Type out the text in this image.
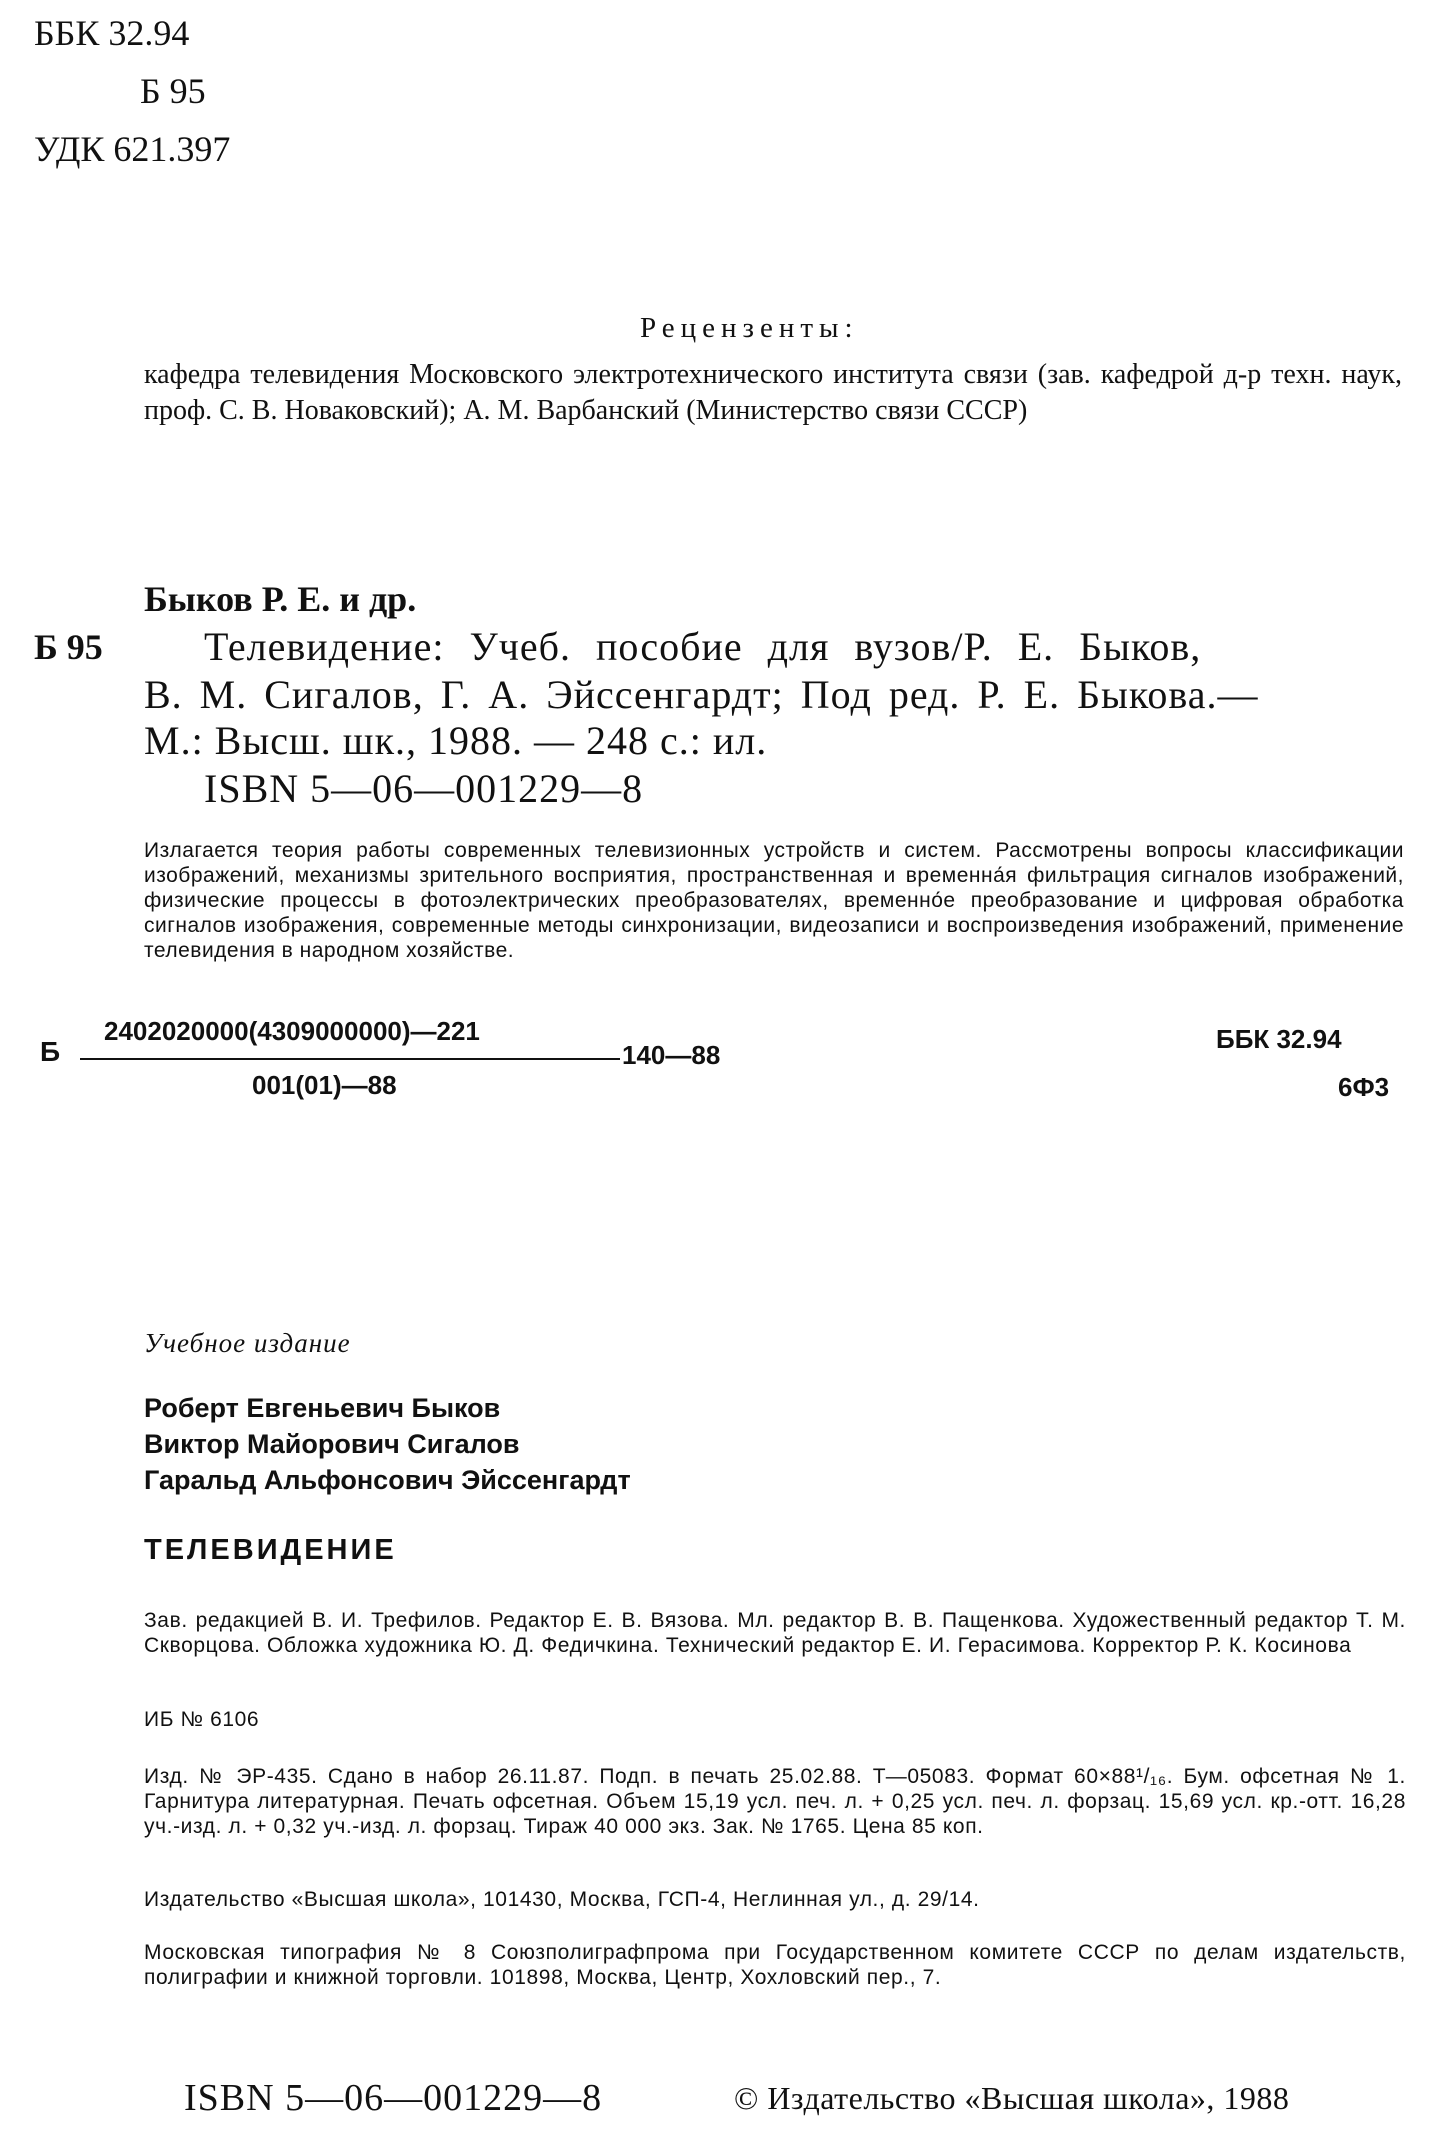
ББК 32.94
Б 95
УДК 621.397
Рецензенты:
кафедра телевидения Московского электротехнического института связи (зав. кафедрой д-р техн. наук, проф. С. В. Новаковский); А. М. Варбанский (Министерство связи СССР)
Быков Р. Е. и др.
Б 95	Телевидение: Учеб. пособие для вузов/Р. Е. Быков,
В. М. Сигалов, Г. А. Эйссенгардт; Под ред. Р. Е. Быкова.—
М.: Высш. шк., 1988. — 248 с.: ил.
ISBN 5—06—001229—8
Излагается теория работы современных телевизионных устройств и систем. Рассмотрены вопросы классификации изображений, механизмы зрительного восприятия, пространственная и временна́я фильтрация сигналов изображений, физические процессы в фотоэлектрических преобразователях, временно́е преобразование и цифровая обработка сигналов изображения, современные методы синхронизации, видеозаписи и воспроизведения изображений, применение телевидения в народном хозяйстве.
Б
2402020000(4309000000)—221
140—88
001(01)—88
ББК 32.94
6Ф3
Учебное издание
Роберт Евгеньевич Быков
Виктор Майорович Сигалов
Гаральд Альфонсович Эйссенгардт
ТЕЛЕВИДЕНИЕ
Зав. редакцией В. И. Трефилов. Редактор Е. В. Вязова. Мл. редактор В. В. Пащенкова. Художественный редактор Т. М. Скворцова. Обложка художника Ю. Д. Федичкина. Технический редактор Е. И. Герасимова. Корректор Р. К. Косинова
ИБ № 6106
Изд. № ЭР-435. Сдано в набор 26.11.87. Подп. в печать 25.02.88. Т—05083. Формат 60×88¹/₁₆. Бум. офсетная № 1. Гарнитура литературная. Печать офсетная. Объем 15,19 усл. печ. л. + 0,25 усл. печ. л. форзац. 15,69 усл. кр.-отт. 16,28 уч.-изд. л. + 0,32 уч.-изд. л. форзац. Тираж 40 000 экз. Зак. № 1765. Цена 85 коп.
Издательство «Высшая школа», 101430, Москва, ГСП-4, Неглинная ул., д. 29/14.
Московская типография № 8 Союзполиграфпрома при Государственном комитете СССР по делам издательств, полиграфии и книжной торговли. 101898, Москва, Центр, Хохловский пер., 7.
ISBN 5—06—001229—8	© Издательство «Высшая школа», 1988
